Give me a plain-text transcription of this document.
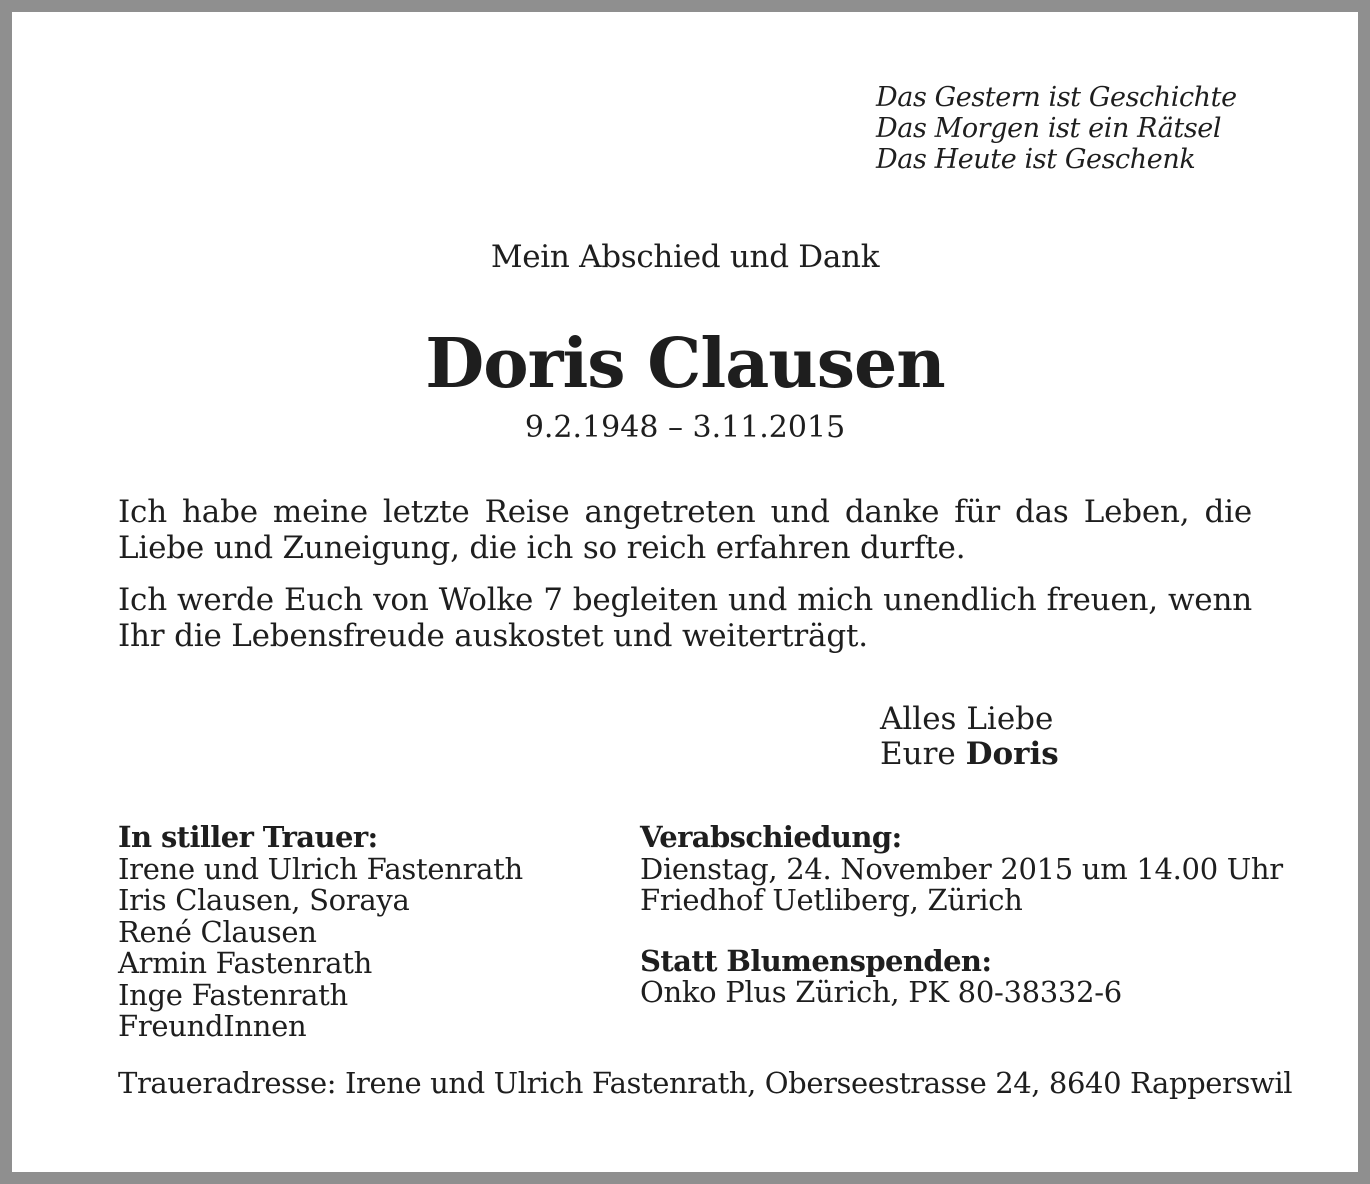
Das Gestern ist Geschichte
Das Morgen ist ein Rätsel
Das Heute ist Geschenk
Mein Abschied und Dank
Doris Clausen
9.2.1948 – 3.11.2015
Ich habe meine letzte Reise angetreten und danke für das Leben, die Liebe und Zuneigung, die ich so reich erfahren durfte.
Ich werde Euch von Wolke 7 begleiten und mich unendlich freuen, wenn Ihr die Lebensfreude auskostet und weiterträgt.
Alles Liebe
Eure Doris
In stiller Trauer:
Irene und Ulrich Fastenrath
Iris Clausen, Soraya
René Clausen
Armin Fastenrath
Inge Fastenrath
FreundInnen
Verabschiedung:
Dienstag, 24. November 2015 um 14.00 Uhr
Friedhof Uetliberg, Zürich
Statt Blumenspenden:
Onko Plus Zürich, PK 80-38332-6
Traueradresse: Irene und Ulrich Fastenrath, Oberseestrasse 24, 8640 Rapperswil
